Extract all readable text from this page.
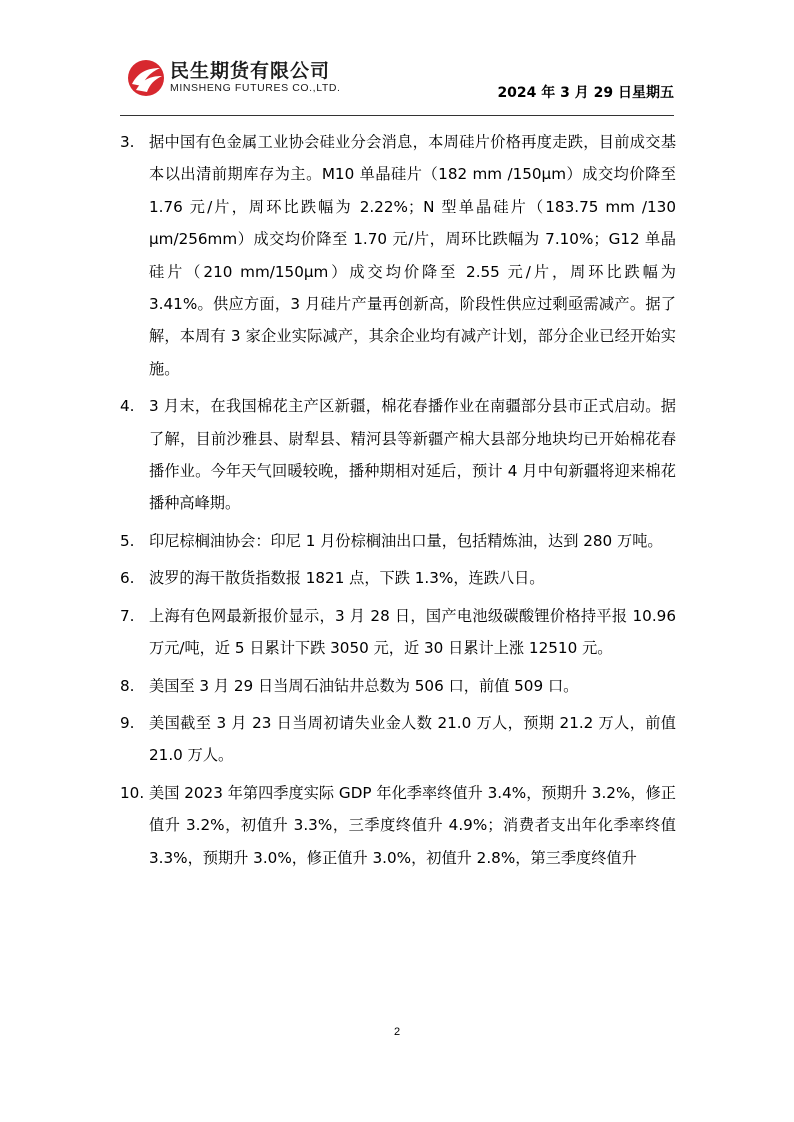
民生期货有限公司
MINSHENG FUTURES CO.,LTD.	2024 年 3 月 29 日星期五
3. 据中国有色金属工业协会硅业分会消息，本周硅片价格再度走跌，目前成交基本以出清前期库存为主。M10 单晶硅片（182 mm /150μm）成交均价降至 1.76 元/片，周环比跌幅为 2.22%；N 型单晶硅片（183.75 mm /130 μm/256mm）成交均价降至 1.70 元/片，周环比跌幅为 7.10%；G12 单晶硅片（210 mm/150μm）成交均价降至 2.55 元/片，周环比跌幅为 3.41%。供应方面，3 月硅片产量再创新高，阶段性供应过剩亟需减产。据了解，本周有 3 家企业实际减产，其余企业均有减产计划，部分企业已经开始实施。
4. 3 月末，在我国棉花主产区新疆，棉花春播作业在南疆部分县市正式启动。据了解，目前沙雅县、尉犁县、精河县等新疆产棉大县部分地块均已开始棉花春播作业。今年天气回暖较晚，播种期相对延后，预计 4 月中旬新疆将迎来棉花播种高峰期。
5. 印尼棕榈油协会：印尼 1 月份棕榈油出口量，包括精炼油，达到 280 万吨。
6. 波罗的海干散货指数报 1821 点，下跌 1.3%，连跌八日。
7. 上海有色网最新报价显示，3 月 28 日，国产电池级碳酸锂价格持平报 10.96 万元/吨，近 5 日累计下跌 3050 元，近 30 日累计上涨 12510 元。
8. 美国至 3 月 29 日当周石油钻井总数为 506 口，前值 509 口。
9. 美国截至 3 月 23 日当周初请失业金人数 21.0 万人，预期 21.2 万人，前值 21.0 万人。
10. 美国 2023 年第四季度实际 GDP 年化季率终值升 3.4%，预期升 3.2%，修正值升 3.2%，初值升 3.3%，三季度终值升 4.9%；消费者支出年化季率终值 3.3%，预期升 3.0%，修正值升 3.0%，初值升 2.8%，第三季度终值升
2
